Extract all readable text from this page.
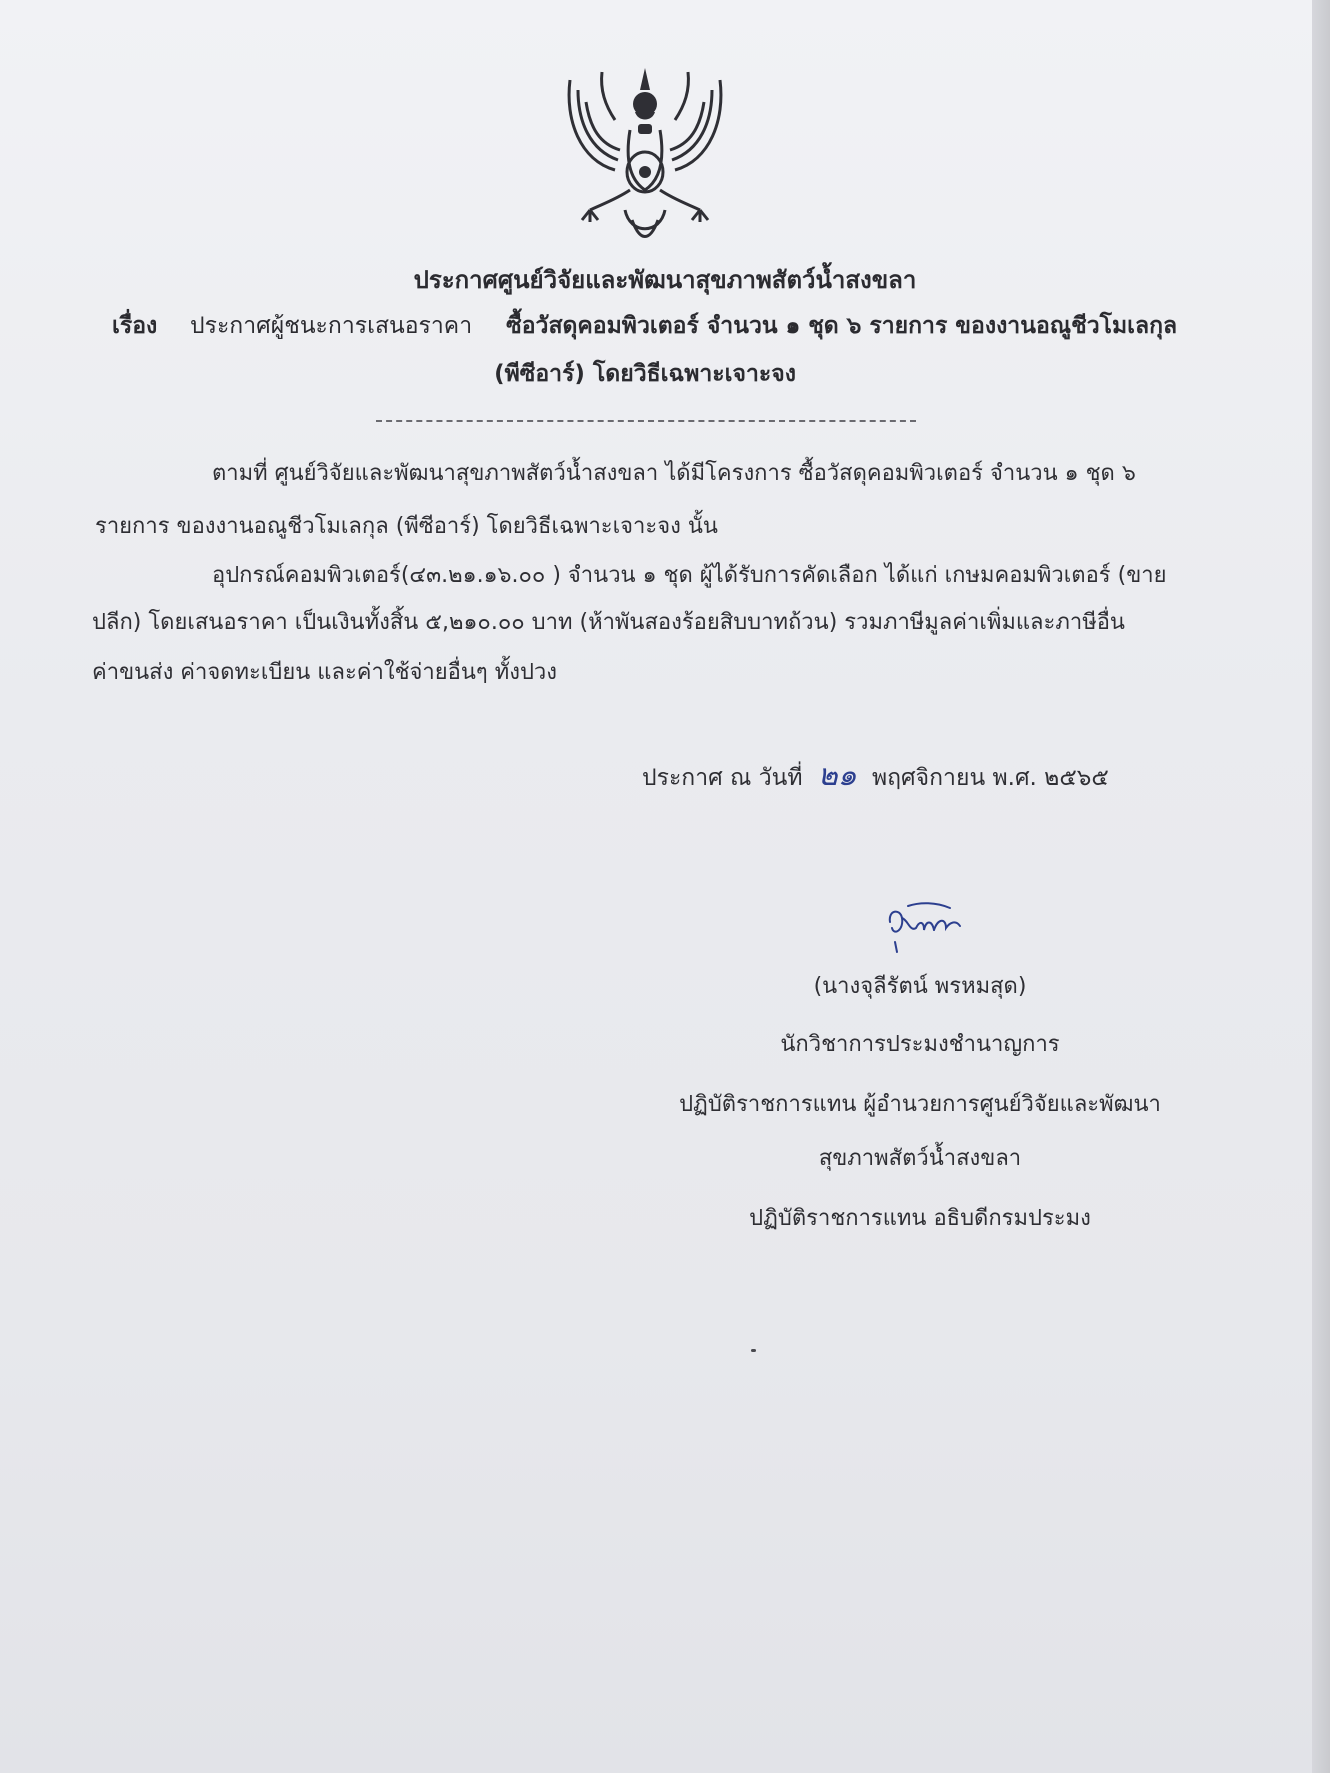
ประกาศศูนย์วิจัยและพัฒนาสุขภาพสัตว์น้ำสงขลา
เรื่อง ประกาศผู้ชนะการเสนอราคา ซื้อวัสดุคอมพิวเตอร์ จำนวน ๑ ชุด ๖ รายการ ของงานอณูชีวโมเลกุล
(พีซีอาร์) โดยวิธีเฉพาะเจาะจง
ตามที่ ศูนย์วิจัยและพัฒนาสุขภาพสัตว์น้ำสงขลา ได้มีโครงการ ซื้อวัสดุคอมพิวเตอร์ จำนวน ๑ ชุด ๖
รายการ ของงานอณูชีวโมเลกุล (พีซีอาร์) โดยวิธีเฉพาะเจาะจง นั้น
อุปกรณ์คอมพิวเตอร์(๔๓.๒๑.๑๖.๐๐ ) จำนวน ๑ ชุด ผู้ได้รับการคัดเลือก ได้แก่ เกษมคอมพิวเตอร์ (ขาย
ปลีก) โดยเสนอราคา เป็นเงินทั้งสิ้น ๕,๒๑๐.๐๐ บาท (ห้าพันสองร้อยสิบบาทถ้วน) รวมภาษีมูลค่าเพิ่มและภาษีอื่น
ค่าขนส่ง ค่าจดทะเบียน และค่าใช้จ่ายอื่นๆ ทั้งปวง
ประกาศ ณ วันที่ ๒๑ พฤศจิกายน พ.ศ. ๒๕๖๕
(นางจุลีรัตน์ พรหมสุด)
นักวิชาการประมงชำนาญการ
ปฏิบัติราชการแทน ผู้อำนวยการศูนย์วิจัยและพัฒนา
สุขภาพสัตว์น้ำสงขลา
ปฏิบัติราชการแทน อธิบดีกรมประมง
